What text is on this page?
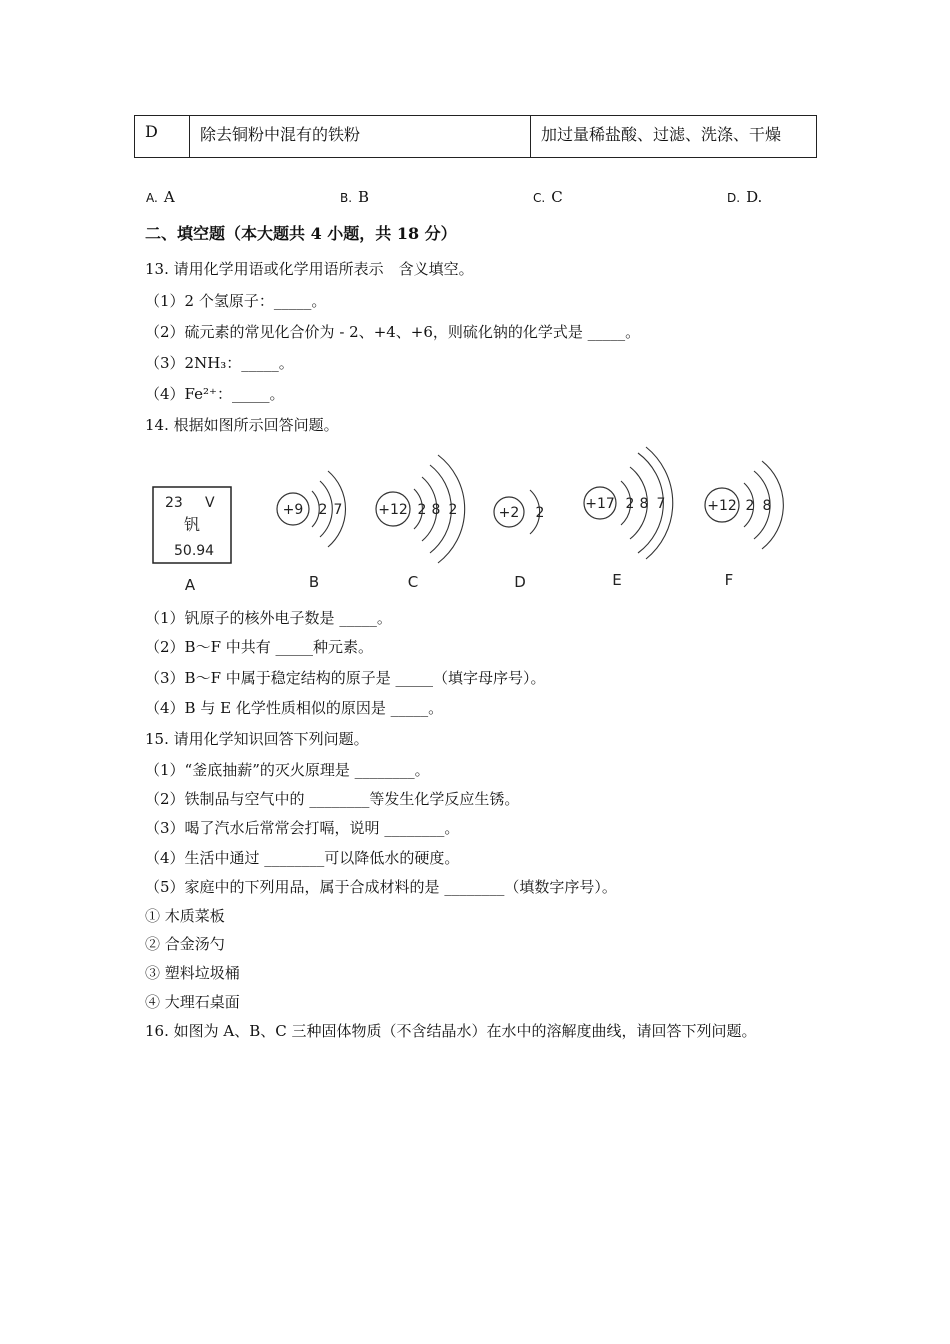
D	除去铜粉中混有的铁粉	加过量稀盐酸、过滤、洗涤、干燥
A. A	B. B	C. C	D. D.
二、填空题（本大题共 4 小题，共 18 分）
13. 请用化学用语或化学用语所表示　含义填空。
（1）2 个氢原子：_____。
（2）硫元素的常见化合价为 - 2、+4、+6，则硫化钠的化学式是 _____。
（3）2NH₃：_____。
（4）Fe²⁺：_____。
14. 根据如图所示回答问题。
23 V
钒
50.94
A
+9 2 7
B
+12 2 8 2
C
+2 2
D
+17 2 8 7
E
+12 2 8
F
（1）钒原子的核外电子数是 _____。
（2）B～F 中共有 _____种元素。
（3）B～F 中属于稳定结构的原子是 _____（填字母序号）。
（4）B 与 E 化学性质相似的原因是 _____。
15. 请用化学知识回答下列问题。
（1）“釜底抽薪”的灭火原理是 ________。
（2）铁制品与空气中的 ________等发生化学反应生锈。
（3）喝了汽水后常常会打嗝，说明 ________。
（4）生活中通过 ________可以降低水的硬度。
（5）家庭中的下列用品，属于合成材料的是 ________（填数字序号）。
① 木质菜板
② 合金汤勺
③ 塑料垃圾桶
④ 大理石桌面
16. 如图为 A、B、C 三种固体物质（不含结晶水）在水中的溶解度曲线，请回答下列问题。
